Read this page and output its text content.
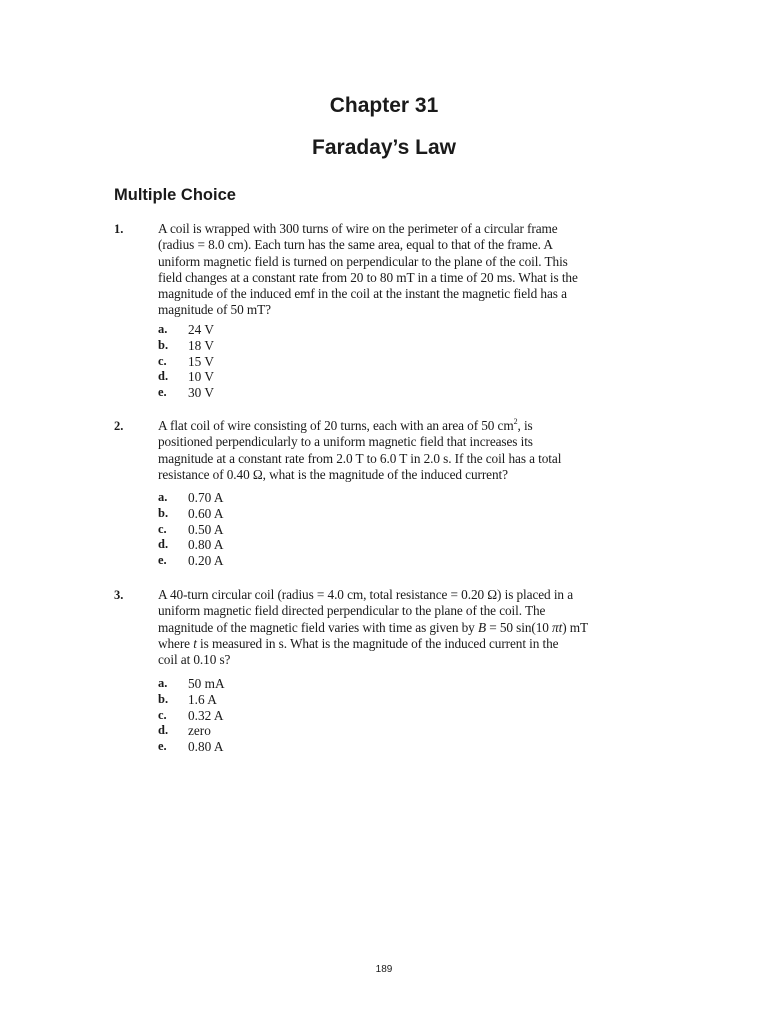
Chapter 31
Faraday’s Law
Multiple Choice
1.	A coil is wrapped with 300 turns of wire on the perimeter of a circular frame
(radius = 8.0 cm). Each turn has the same area, equal to that of the frame. A
uniform magnetic field is turned on perpendicular to the plane of the coil. This
field changes at a constant rate from 20 to 80 mT in a time of 20 ms. What is the
magnitude of the induced emf in the coil at the instant the magnetic field has a
magnitude of 50 mT?
a. 24 V
b. 18 V
c. 15 V
d. 10 V
e. 30 V
2.	A flat coil of wire consisting of 20 turns, each with an area of 50 $cm^2$, is
positioned perpendicularly to a uniform magnetic field that increases its
magnitude at a constant rate from 2.0 T to 6.0 T in 2.0 s. If the coil has a total
resistance of 0.40 Ω, what is the magnitude of the induced current?
a. 0.70 A
b. 0.60 A
c. 0.50 A
d. 0.80 A
e. 0.20 A
3.	A 40-turn circular coil (radius = 4.0 cm, total resistance = 0.20 Ω) is placed in a
uniform magnetic field directed perpendicular to the plane of the coil. The
magnitude of the magnetic field varies with time as given by B = 50 sin(10 πt) mT
where t is measured in s. What is the magnitude of the induced current in the
coil at 0.10 s?
a. 50 mA
b. 1.6 A
c. 0.32 A
d. zero
e. 0.80 A
189
